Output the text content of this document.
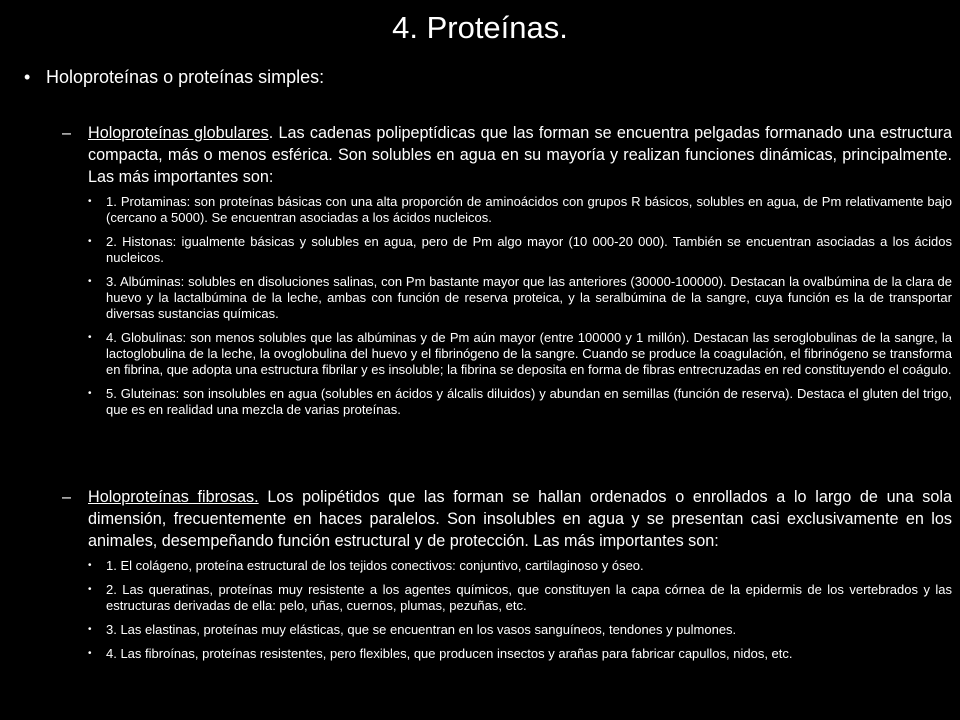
4. Proteínas.
• Holoproteínas o proteínas simples:
– Holoproteínas globulares. Las cadenas polipeptídicas que las forman se encuentra pelgadas formanado una estructura compacta, más o menos esférica. Son solubles en agua en su mayoría y realizan funciones dinámicas, principalmente. Las más importantes son:
• 1. Protaminas: son proteínas básicas con una alta proporción de aminoácidos con grupos R básicos, solubles en agua, de Pm relativamente bajo (cercano a 5000). Se encuentran asociadas a los ácidos nucleicos.
• 2. Histonas: igualmente básicas y solubles en agua, pero de Pm algo mayor (10 000-20 000). También se encuentran asociadas a los ácidos nucleicos.
• 3. Albúminas: solubles en disoluciones salinas, con Pm bastante mayor que las anteriores (30000-100000). Destacan la ovalbúmina de la clara de huevo y la lactalbúmina de la leche, ambas con función de reserva proteica, y la seralbúmina de la sangre, cuya función es la de transportar diversas sustancias químicas.
• 4. Globulinas: son menos solubles que las albúminas y de Pm aún mayor (entre 100000 y 1 millón). Destacan las seroglobulinas de la sangre, la lactoglobulina de la leche, la ovoglobulina del huevo y el fibrinógeno de la sangre. Cuando se produce la coagulación, el fibrinógeno se transforma en fibrina, que adopta una estructura fibrilar y es insoluble; la fibrina se deposita en forma de fibras entrecruzadas en red constituyendo el coágulo.
• 5. Gluteinas: son insolubles en agua (solubles en ácidos y álcalis diluidos) y abundan en semillas (función de reserva). Destaca el gluten del trigo, que es en realidad una mezcla de varias proteínas.
– Holoproteínas fibrosas. Los polipétidos que las forman se hallan ordenados o enrollados a lo largo de una sola dimensión, frecuentemente en haces paralelos. Son insolubles en agua y se presentan casi exclusivamente en los animales, desempeñando función estructural y de protección. Las más importantes son:
• 1. El colágeno, proteína estructural de los tejidos conectivos: conjuntivo, cartilaginoso y óseo.
• 2. Las queratinas, proteínas muy resistente a los agentes químicos, que constituyen la capa córnea de la epidermis de los vertebrados y las estructuras derivadas de ella: pelo, uñas, cuernos, plumas, pezuñas, etc.
• 3. Las elastinas, proteínas muy elásticas, que se encuentran en los vasos sanguíneos, tendones y pulmones.
• 4. Las fibroínas, proteínas resistentes, pero flexibles, que producen insectos y arañas para fabricar capullos, nidos, etc.
